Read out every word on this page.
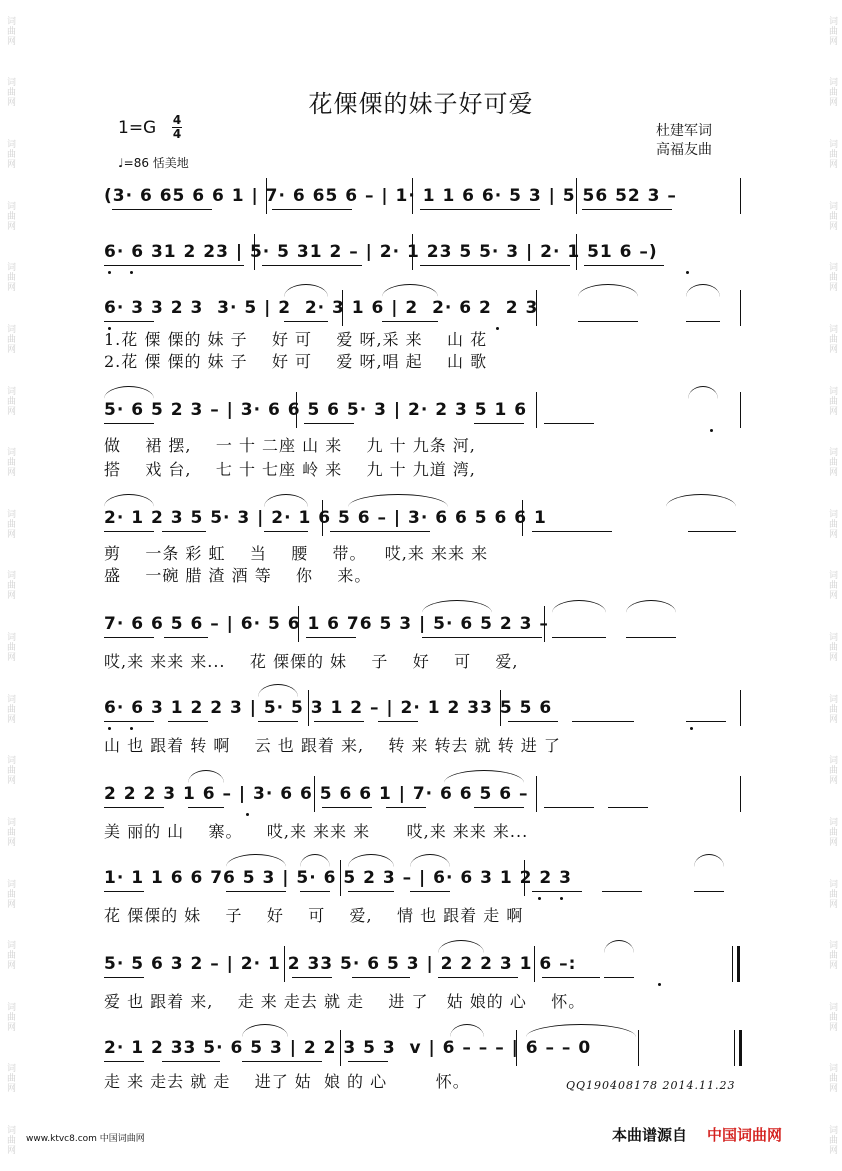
词曲网
词曲网
词曲网
词曲网
词曲网
词曲网
词曲网
词曲网
词曲网
词曲网
词曲网
词曲网
词曲网
词曲网
词曲网
词曲网
词曲网
词曲网
词曲网
词曲网
词曲网
词曲网
词曲网
词曲网
词曲网
词曲网
词曲网
词曲网
词曲网
词曲网
词曲网
词曲网
词曲网
词曲网
词曲网
词曲网
词曲网
词曲网
花傈傈的妹子好可爱
1=G 4
4
♩=86 恬美地
杜建军词
高福友曲
(3· 6 65 6 6 1 | 7· 6 65 6 – | 1· 1 1 6 6· 5 3 | 5 56 52 3 –
6· 6 31 2 23 | 5· 5 31 2 – | 2· 1 23 5 5· 3 | 2· 1 51 6 –)
6· 3 3 2 3  3· 5 | 2  2· 3 1 6 | 2  2· 6 2  2 3
1.花 傈 傈的 妹 子    好 可    爱 呀,采 来    山 花
2.花 傈 傈的 妹 子    好 可    爱 呀,唱 起    山 歌
5· 6 5 2 3 – | 3· 6 6 5 6 5· 3 | 2· 2 3 5 1 6
做    裙 摆,    一 十 二座 山 来    九 十 九条 河,
搭    戏 台,    七 十 七座 岭 来    九 十 九道 湾,
2· 1 2 3 5 5· 3 | 2· 1 6 5 6 – | 3· 6 6 5 6 6 1
剪    一条 彩 虹    当    腰    带。   哎,来 来来 来
盛    一碗 腊 渣 酒 等    你    来。
7· 6 6 5 6 – | 6· 5 6 1 6 76 5 3 | 5· 6 5 2 3 –
哎,来 来来 来...    花 傈傈的 妹    子    好    可    爱,
6· 6 3 1 2 2 3 | 5· 5 3 1 2 – | 2· 1 2 33 5 5 6
山 也 跟着 转 啊    云 也 跟着 来,    转 来 转去 就 转 进 了
2 2 2 3 1 6 – | 3· 6 6 5 6 6 1 | 7· 6 6 5 6 –
美 丽的 山    寨。    哎,来 来来 来      哎,来 来来 来...
1· 1 1 6 6 76 5 3 | 5· 6 5 2 3 – | 6· 6 3 1 2 2 3
花 傈傈的 妹    子    好    可    爱,    情 也 跟着 走 啊
5· 5 6 3 2 – | 2· 1 2 33 5· 6 5 3 | 2 2 2 3 1 6 –:
爱 也 跟着 来,    走 来 走去 就 走    进 了   姑 娘的 心    怀。
2· 1 2 33 5· 6 5 3 | 2 2 3 5 3  v | 6 – – – | 6 – – 0
走 来 走去 就 走    进了 姑  娘 的 心        怀。	QQ190408178 2014.11.23
www.ktvc8.com 中国词曲网	本曲谱源自 中国词曲网
